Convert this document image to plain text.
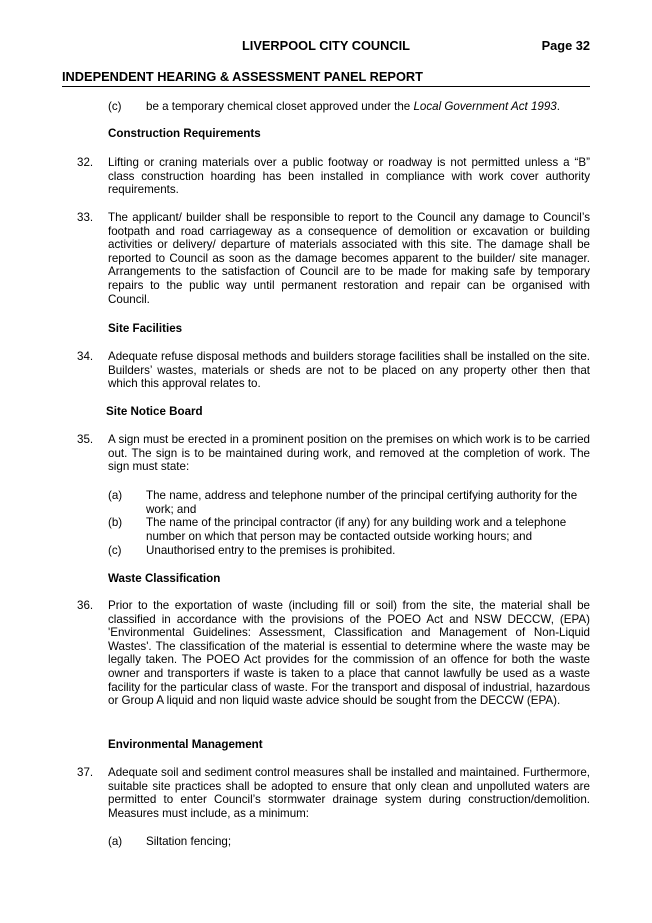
LIVERPOOL CITY COUNCIL	Page 32
INDEPENDENT HEARING & ASSESSMENT PANEL REPORT
(c) be a temporary chemical closet approved under the Local Government Act 1993.
Construction Requirements
32. Lifting or craning materials over a public footway or roadway is not permitted unless a “B” class construction hoarding has been installed in compliance with work cover authority requirements.
33. The applicant/ builder shall be responsible to report to the Council any damage to Council’s footpath and road carriageway as a consequence of demolition or excavation or building activities or delivery/ departure of materials associated with this site. The damage shall be reported to Council as soon as the damage becomes apparent to the builder/ site manager. Arrangements to the satisfaction of Council are to be made for making safe by temporary repairs to the public way until permanent restoration and repair can be organised with Council.
Site Facilities
34. Adequate refuse disposal methods and builders storage facilities shall be installed on the site. Builders’ wastes, materials or sheds are not to be placed on any property other then that which this approval relates to.
Site Notice Board
35. A sign must be erected in a prominent position on the premises on which work is to be carried out. The sign is to be maintained during work, and removed at the completion of work. The sign must state:
(a) The name, address and telephone number of the principal certifying authority for the work; and
(b) The name of the principal contractor (if any) for any building work and a telephone number on which that person may be contacted outside working hours; and
(c) Unauthorised entry to the premises is prohibited.
Waste Classification
36. Prior to the exportation of waste (including fill or soil) from the site, the material shall be classified in accordance with the provisions of the POEO Act and NSW DECCW, (EPA) 'Environmental Guidelines: Assessment, Classification and Management of Non-Liquid Wastes'. The classification of the material is essential to determine where the waste may be legally taken. The POEO Act provides for the commission of an offence for both the waste owner and transporters if waste is taken to a place that cannot lawfully be used as a waste facility for the particular class of waste. For the transport and disposal of industrial, hazardous or Group A liquid and non liquid waste advice should be sought from the DECCW (EPA).
Environmental Management
37. Adequate soil and sediment control measures shall be installed and maintained. Furthermore, suitable site practices shall be adopted to ensure that only clean and unpolluted waters are permitted to enter Council’s stormwater drainage system during construction/demolition. Measures must include, as a minimum:
(a) Siltation fencing;
